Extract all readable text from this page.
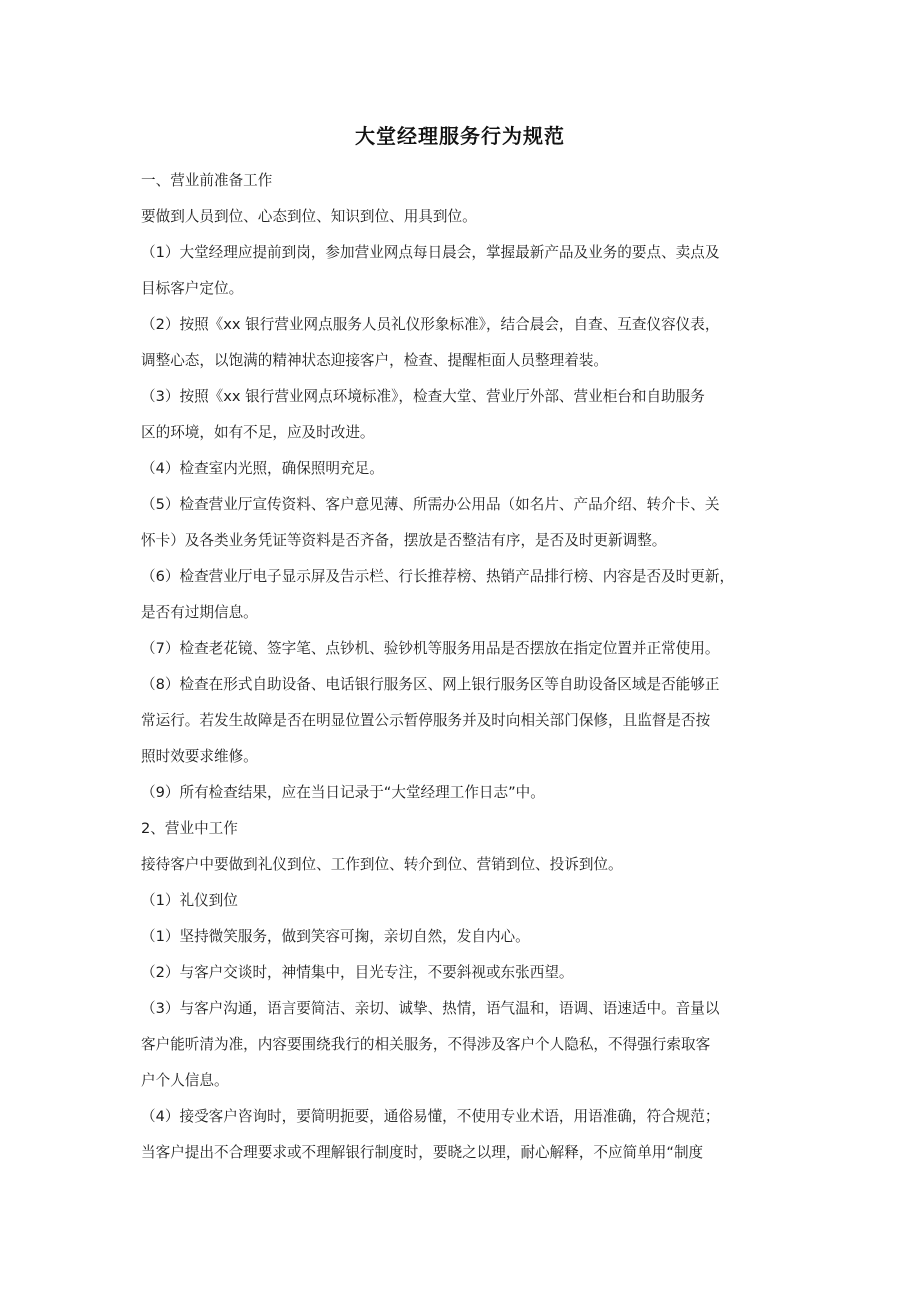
大堂经理服务行为规范
一、营业前准备工作
要做到人员到位、心态到位、知识到位、用具到位。
（1）大堂经理应提前到岗，参加营业网点每日晨会，掌握最新产品及业务的要点、卖点及
目标客户定位。
（2）按照《xx 银行营业网点服务人员礼仪形象标准》，结合晨会，自查、互查仪容仪表，
调整心态，以饱满的精神状态迎接客户，检查、提醒柜面人员整理着装。
（3）按照《xx 银行营业网点环境标准》，检查大堂、营业厅外部、营业柜台和自助服务
区的环境，如有不足，应及时改进。
（4）检查室内光照，确保照明充足。
（5）检查营业厅宣传资料、客户意见薄、所需办公用品（如名片、产品介绍、转介卡、关
怀卡）及各类业务凭证等资料是否齐备，摆放是否整洁有序，是否及时更新调整。
（6）检查营业厅电子显示屏及告示栏、行长推荐榜、热销产品排行榜、内容是否及时更新，
是否有过期信息。
（7）检查老花镜、签字笔、点钞机、验钞机等服务用品是否摆放在指定位置并正常使用。
（8）检查在形式自助设备、电话银行服务区、网上银行服务区等自助设备区域是否能够正
常运行。若发生故障是否在明显位置公示暂停服务并及时向相关部门保修，且监督是否按
照时效要求维修。
（9）所有检查结果，应在当日记录于“大堂经理工作日志”中。
2、营业中工作
接待客户中要做到礼仪到位、工作到位、转介到位、营销到位、投诉到位。
（1）礼仪到位
（1）坚持微笑服务，做到笑容可掬，亲切自然，发自内心。
（2）与客户交谈时，神情集中，目光专注，不要斜视或东张西望。
（3）与客户沟通，语言要简洁、亲切、诚挚、热情，语气温和，语调、语速适中。音量以
客户能听清为准，内容要围绕我行的相关服务，不得涉及客户个人隐私，不得强行索取客
户个人信息。
（4）接受客户咨询时，要简明扼要，通俗易懂，不使用专业术语，用语准确，符合规范；
当客户提出不合理要求或不理解银行制度时，要晓之以理，耐心解释，不应简单用“制度
